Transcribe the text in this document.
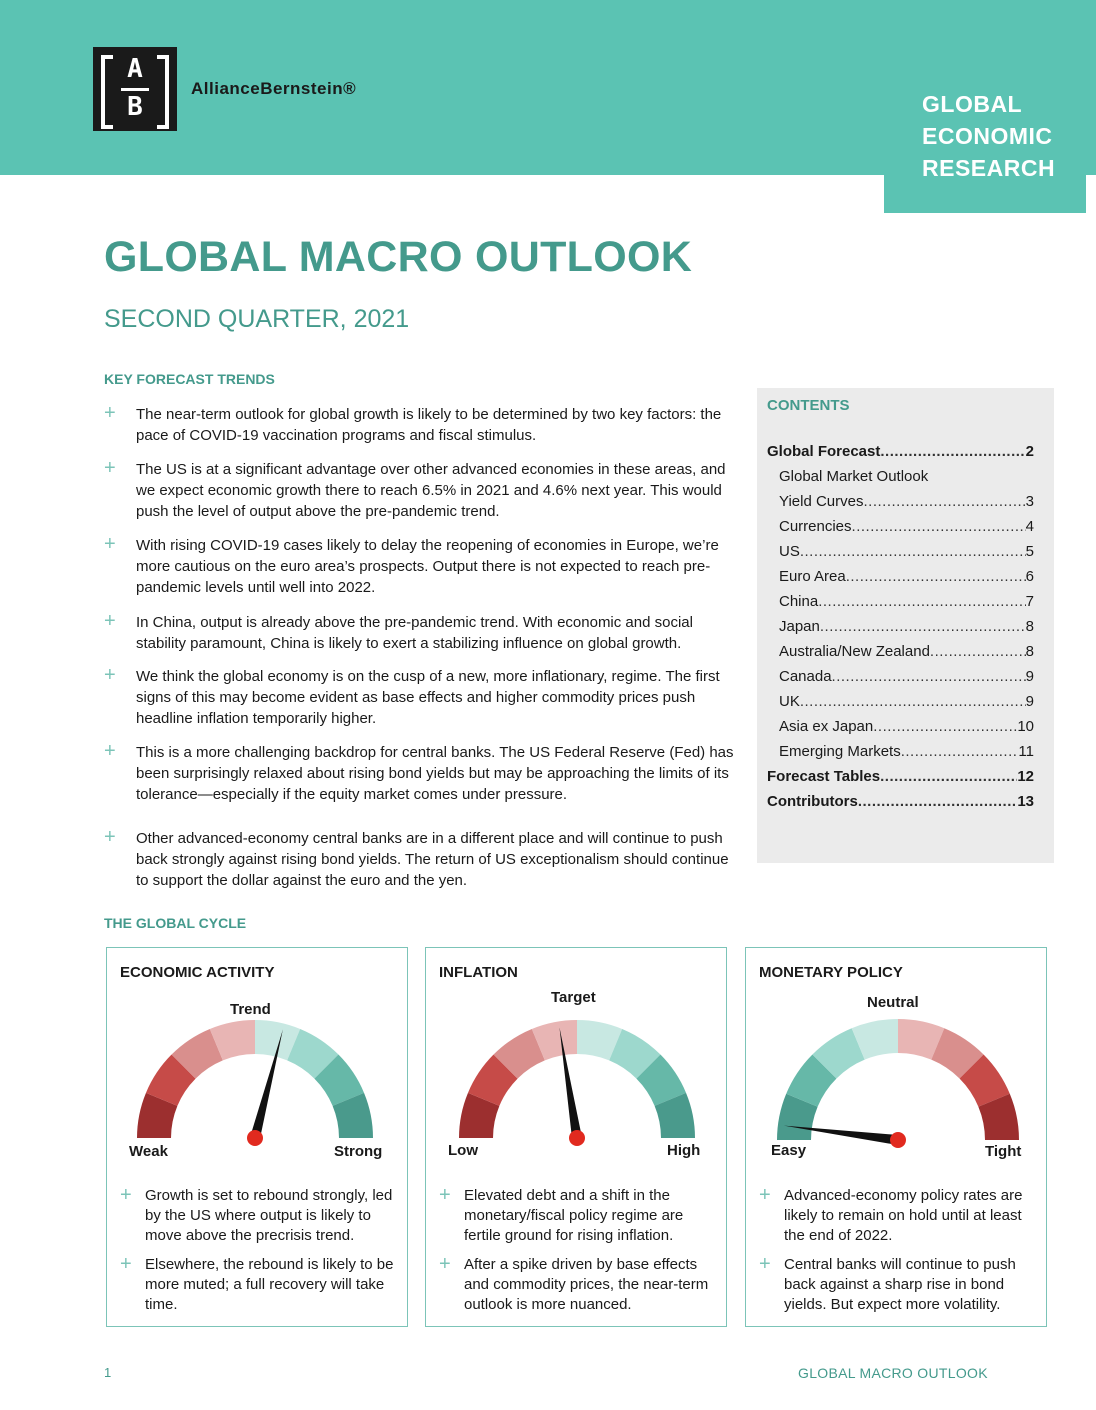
A
B
AllianceBernstein®
GLOBAL
ECONOMIC
RESEARCH
GLOBAL MACRO OUTLOOK
SECOND QUARTER, 2021
KEY FORECAST TRENDS
+ The near-term outlook for global growth is likely to be determined by two key factors: the pace of COVID-19 vaccination programs and fiscal stimulus.
+ The US is at a significant advantage over other advanced economies in these areas, and we expect economic growth there to reach 6.5% in 2021 and 4.6% next year. This would push the level of output above the pre-pandemic trend.
+ With rising COVID-19 cases likely to delay the reopening of economies in Europe, we’re more cautious on the euro area’s prospects. Output there is not expected to reach pre-pandemic levels until well into 2022.
+ In China, output is already above the pre-pandemic trend. With economic and social stability paramount, China is likely to exert a stabilizing influence on global growth.
+ We think the global economy is on the cusp of a new, more inflationary, regime. The first signs of this may become evident as base effects and higher commodity prices push headline inflation temporarily higher.
+ This is a more challenging backdrop for central banks. The US Federal Reserve (Fed) has been surprisingly relaxed about rising bond yields but may be approaching the limits of its tolerance—especially if the equity market comes under pressure.
+ Other advanced-economy central banks are in a different place and will continue to push back strongly against rising bond yields. The return of US exceptionalism should continue to support the dollar against the euro and the yen.
CONTENTS
Global Forecast .....	2
Global Market Outlook
Yield Curves .....	3
Currencies .....	4
US .....	5
Euro Area .....	6
China .....	7
Japan .....	8
Australia/New Zealand .....	8
Canada .....	9
UK .....	9
Asia ex Japan .....	10
Emerging Markets .....	11
Forecast Tables .....	12
Contributors .....	13
THE GLOBAL CYCLE
ECONOMIC ACTIVITY
Trend
Weak	Strong
+ Growth is set to rebound strongly, led by the US where output is likely to move above the precrisis trend.
+ Elsewhere, the rebound is likely to be more muted; a full recovery will take time.
INFLATION
Target
Low	High
+ Elevated debt and a shift in the monetary/fiscal policy regime are fertile ground for rising inflation.
+ After a spike driven by base effects and commodity prices, the near-term outlook is more nuanced.
MONETARY POLICY
Neutral
Easy	Tight
+ Advanced-economy policy rates are likely to remain on hold until at least the end of 2022.
+ Central banks will continue to push back against a sharp rise in bond yields. But expect more volatility.
1	GLOBAL MACRO OUTLOOK
